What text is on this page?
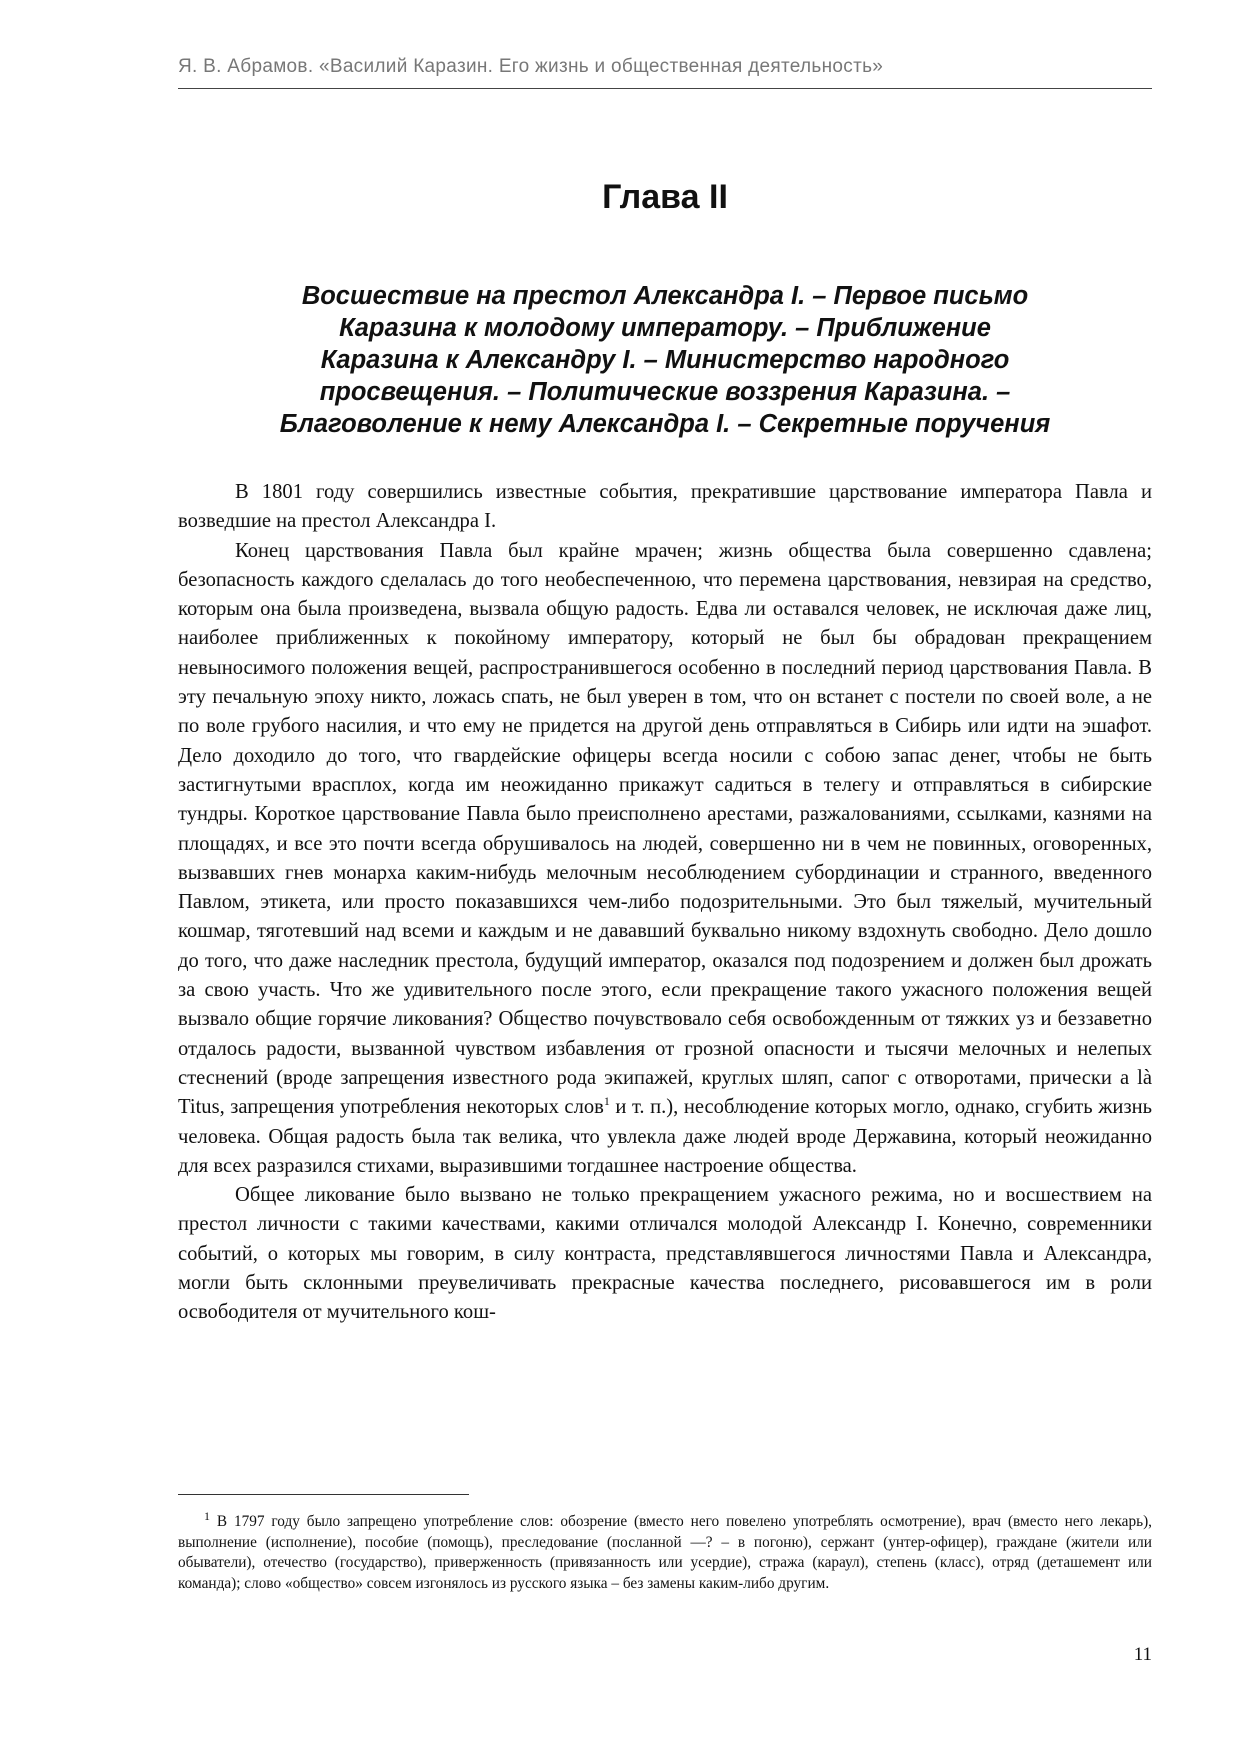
Я. В. Абрамов. «Василий Каразин. Его жизнь и общественная деятельность»
Глава II
Восшествие на престол Александра I. – Первое письмо
Каразина к молодому императору. – Приближение
Каразина к Александру I. – Министерство народного
просвещения. – Политические воззрения Каразина. –
Благоволение к нему Александра I. – Секретные поручения

В 1801 году совершились известные события, прекратившие царствование императора Павла и возведшие на престол Александра I.

Конец царствования Павла был крайне мрачен; жизнь общества была совершенно сдавлена; безопасность каждого сделалась до того необеспеченною, что перемена царствования, невзирая на средство, которым она была произведена, вызвала общую радость. Едва ли оставался человек, не исключая даже лиц, наиболее приближенных к покойному императору, который не был бы обрадован прекращением невыносимого положения вещей, распространившегося особенно в последний период царствования Павла. В эту печальную эпоху никто, ложась спать, не был уверен в том, что он встанет с постели по своей воле, а не по воле грубого насилия, и что ему не придется на другой день отправляться в Сибирь или идти на эшафот. Дело доходило до того, что гвардейские офицеры всегда носили с собою запас денег, чтобы не быть застигнутыми врасплох, когда им неожиданно прикажут садиться в телегу и отправляться в сибирские тундры. Короткое царствование Павла было преисполнено арестами, разжалованиями, ссылками, казнями на площадях, и все это почти всегда обрушивалось на людей, совершенно ни в чем не повинных, оговоренных, вызвавших гнев монарха каким-нибудь мелочным несоблюдением субординации и странного, введенного Павлом, этикета, или просто показавшихся чем-либо подозрительными. Это был тяжелый, мучительный кошмар, тяготевший над всеми и каждым и не дававший буквально никому вздохнуть свободно. Дело дошло до того, что даже наследник престола, будущий император, оказался под подозрением и должен был дрожать за свою участь. Что же удивительного после этого, если прекращение такого ужасного положения вещей вызвало общие горячие ликования? Общество почувствовало себя освобожденным от тяжких уз и беззаветно отдалось радости, вызванной чувством избавления от грозной опасности и тысячи мелочных и нелепых стеснений (вроде запрещения известного рода экипажей, круглых шляп, сапог с отворотами, прически a là Titus, запрещения употребления некоторых слов$^1$ и т. п.), несоблюдение которых могло, однако, сгубить жизнь человека. Общая радость была так велика, что увлекла даже людей вроде Державина, который неожиданно для всех разразился стихами, выразившими тогдашнее настроение общества.

Общее ликование было вызвано не только прекращением ужасного режима, но и восшествием на престол личности с такими качествами, какими отличался молодой Александр I. Конечно, современники событий, о которых мы говорим, в силу контраста, представлявшегося личностями Павла и Александра, могли быть склонными преувеличивать прекрасные качества последнего, рисовавшегося им в роли освободителя от мучительного кош-

$^1$ В 1797 году было запрещено употребление слов: обозрение (вместо него повелено употреблять осмотрение), врач (вместо него лекарь), выполнение (исполнение), пособие (помощь), преследование (посланной —? – в погоню), сержант (унтер-офицер), граждане (жители или обыватели), отечество (государство), приверженность (привязанность или усердие), стража (караул), степень (класс), отряд (деташемент или команда); слово «общество» совсем изгонялось из русского языка – без замены каким-либо другим.

11
